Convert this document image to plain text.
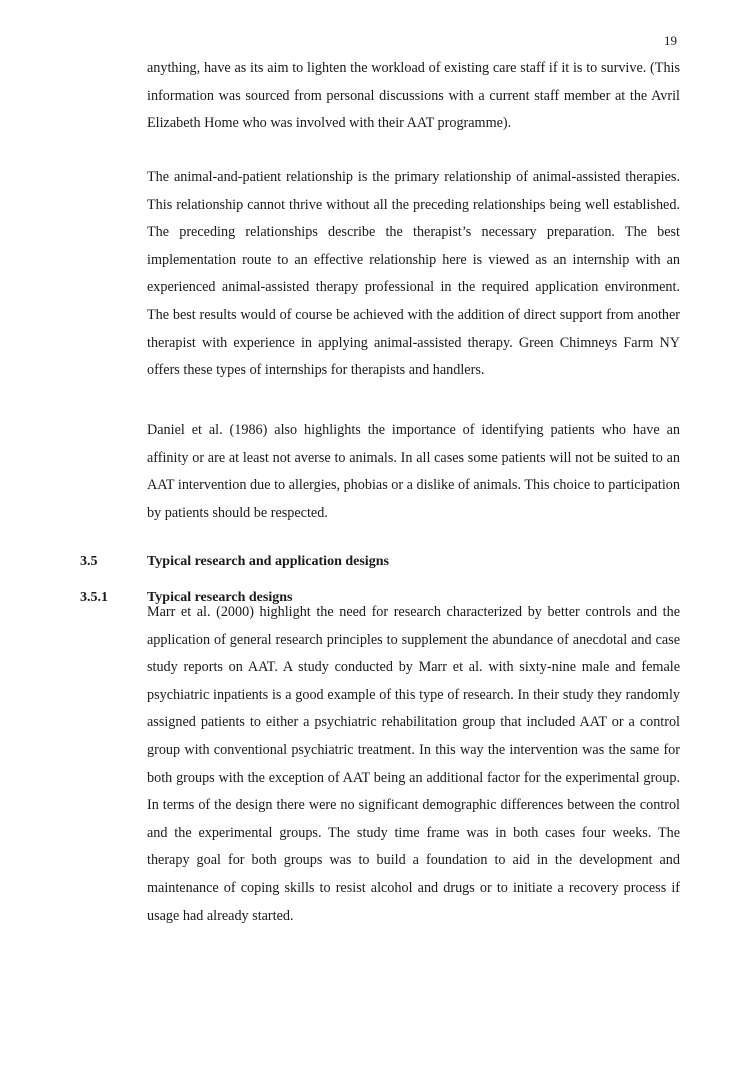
19

anything, have as its aim to lighten the workload of existing care staff if it is to survive. (This information was sourced from personal discussions with a current staff member at the Avril Elizabeth Home who was involved with their AAT programme).

The animal-and-patient relationship is the primary relationship of animal-assisted therapies. This relationship cannot thrive without all the preceding relationships being well established. The preceding relationships describe the therapist’s necessary preparation. The best implementation route to an effective relationship here is viewed as an internship with an experienced animal-assisted therapy professional in the required application environment. The best results would of course be achieved with the addition of direct support from another therapist with experience in applying animal-assisted therapy. Green Chimneys Farm NY offers these types of internships for therapists and handlers.

Daniel et al. (1986) also highlights the importance of identifying patients who have an affinity or are at least not averse to animals. In all cases some patients will not be suited to an AAT intervention due to allergies, phobias or a dislike of animals. This choice to participation by patients should be respected.

3.5	Typical research and application designs
3.5.1	Typical research designs

Marr et al. (2000) highlight the need for research characterized by better controls and the application of general research principles to supplement the abundance of anecdotal and case study reports on AAT. A study conducted by Marr et al. with sixty-nine male and female psychiatric inpatients is a good example of this type of research. In their study they randomly assigned patients to either a psychiatric rehabilitation group that included AAT or a control group with conventional psychiatric treatment. In this way the intervention was the same for both groups with the exception of AAT being an additional factor for the experimental group. In terms of the design there were no significant demographic differences between the control and the experimental groups. The study time frame was in both cases four weeks. The therapy goal for both groups was to build a foundation to aid in the development and maintenance of coping skills to resist alcohol and drugs or to initiate a recovery process if usage had already started.
